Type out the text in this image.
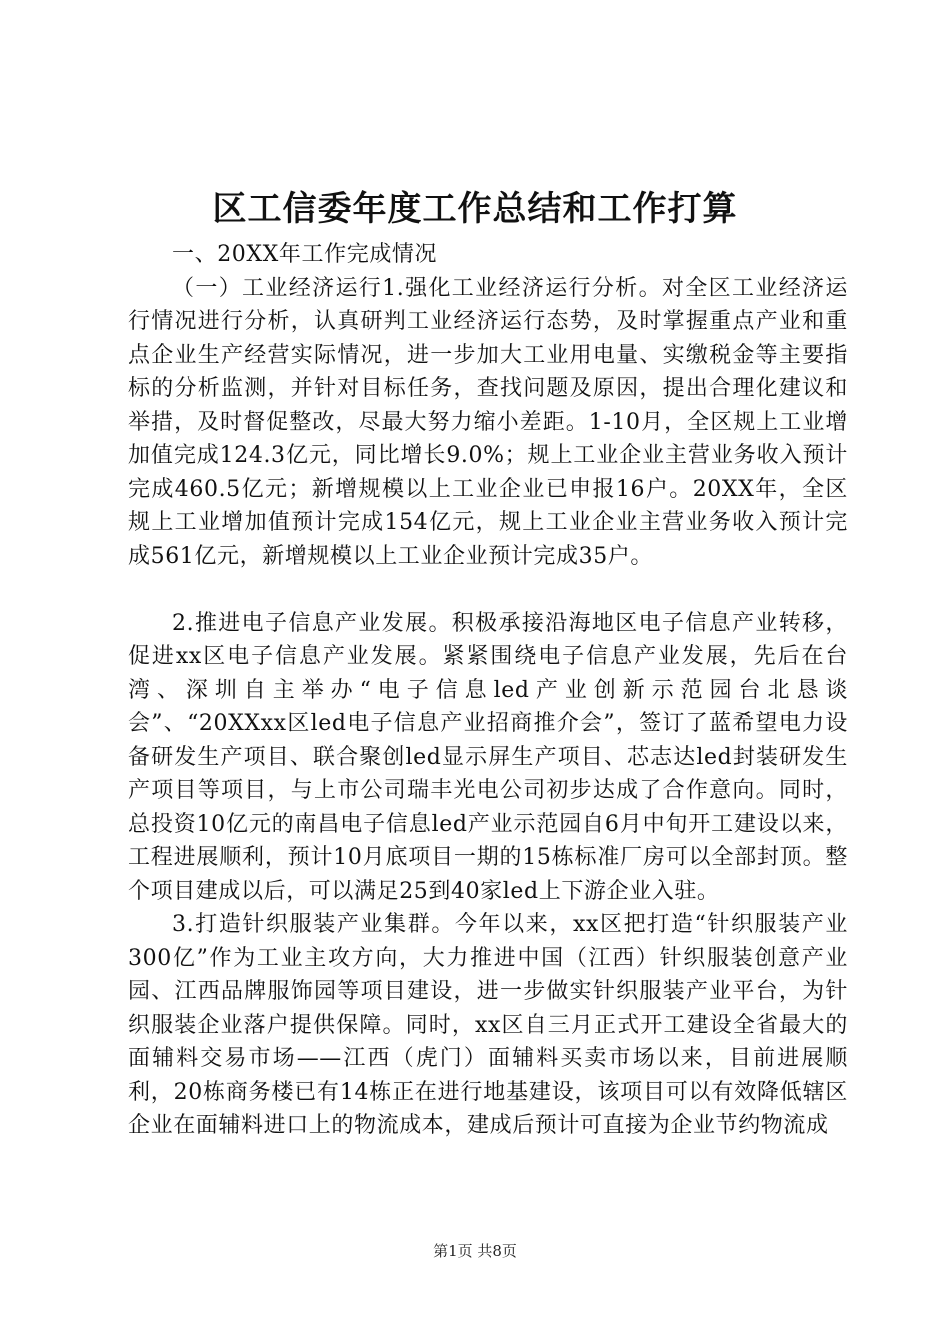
区工信委年度工作总结和工作打算

一、20XX年工作完成情况

（一）工业经济运行1.强化工业经济运行分析。对全区工业经济运行情况进行分析，认真研判工业经济运行态势，及时掌握重点产业和重点企业生产经营实际情况，进一步加大工业用电量、实缴税金等主要指标的分析监测，并针对目标任务，查找问题及原因，提出合理化建议和举措，及时督促整改，尽最大努力缩小差距。1-10月，全区规上工业增加值完成124.3亿元，同比增长9.0%；规上工业企业主营业务收入预计完成460.5亿元；新增规模以上工业企业已申报16户。20XX年，全区规上工业增加值预计完成154亿元，规上工业企业主营业务收入预计完成561亿元，新增规模以上工业企业预计完成35户。

2.推进电子信息产业发展。积极承接沿海地区电子信息产业转移，促进xx区电子信息产业发展。紧紧围绕电子信息产业发展，先后在台湾、深圳自主举办“电子信息led产业创新示范园台北恳谈会”、“20XXxx区led电子信息产业招商推介会”，签订了蓝希望电力设备研发生产项目、联合聚创led显示屏生产项目、芯志达led封装研发生产项目等项目，与上市公司瑞丰光电公司初步达成了合作意向。同时，总投资10亿元的南昌电子信息led产业示范园自6月中旬开工建设以来，工程进展顺利，预计10月底项目一期的15栋标准厂房可以全部封顶。整个项目建成以后，可以满足25到40家led上下游企业入驻。

3.打造针织服装产业集群。今年以来，xx区把打造“针织服装产业300亿”作为工业主攻方向，大力推进中国（江西）针织服装创意产业园、江西品牌服饰园等项目建设，进一步做实针织服装产业平台，为针织服装企业落户提供保障。同时，xx区自三月正式开工建设全省最大的面辅料交易市场——江西（虎门）面辅料买卖市场以来，目前进展顺利，20栋商务楼已有14栋正在进行地基建设，该项目可以有效降低辖区企业在面辅料进口上的物流成本，建成后预计可直接为企业节约物流成

第1页 共8页
